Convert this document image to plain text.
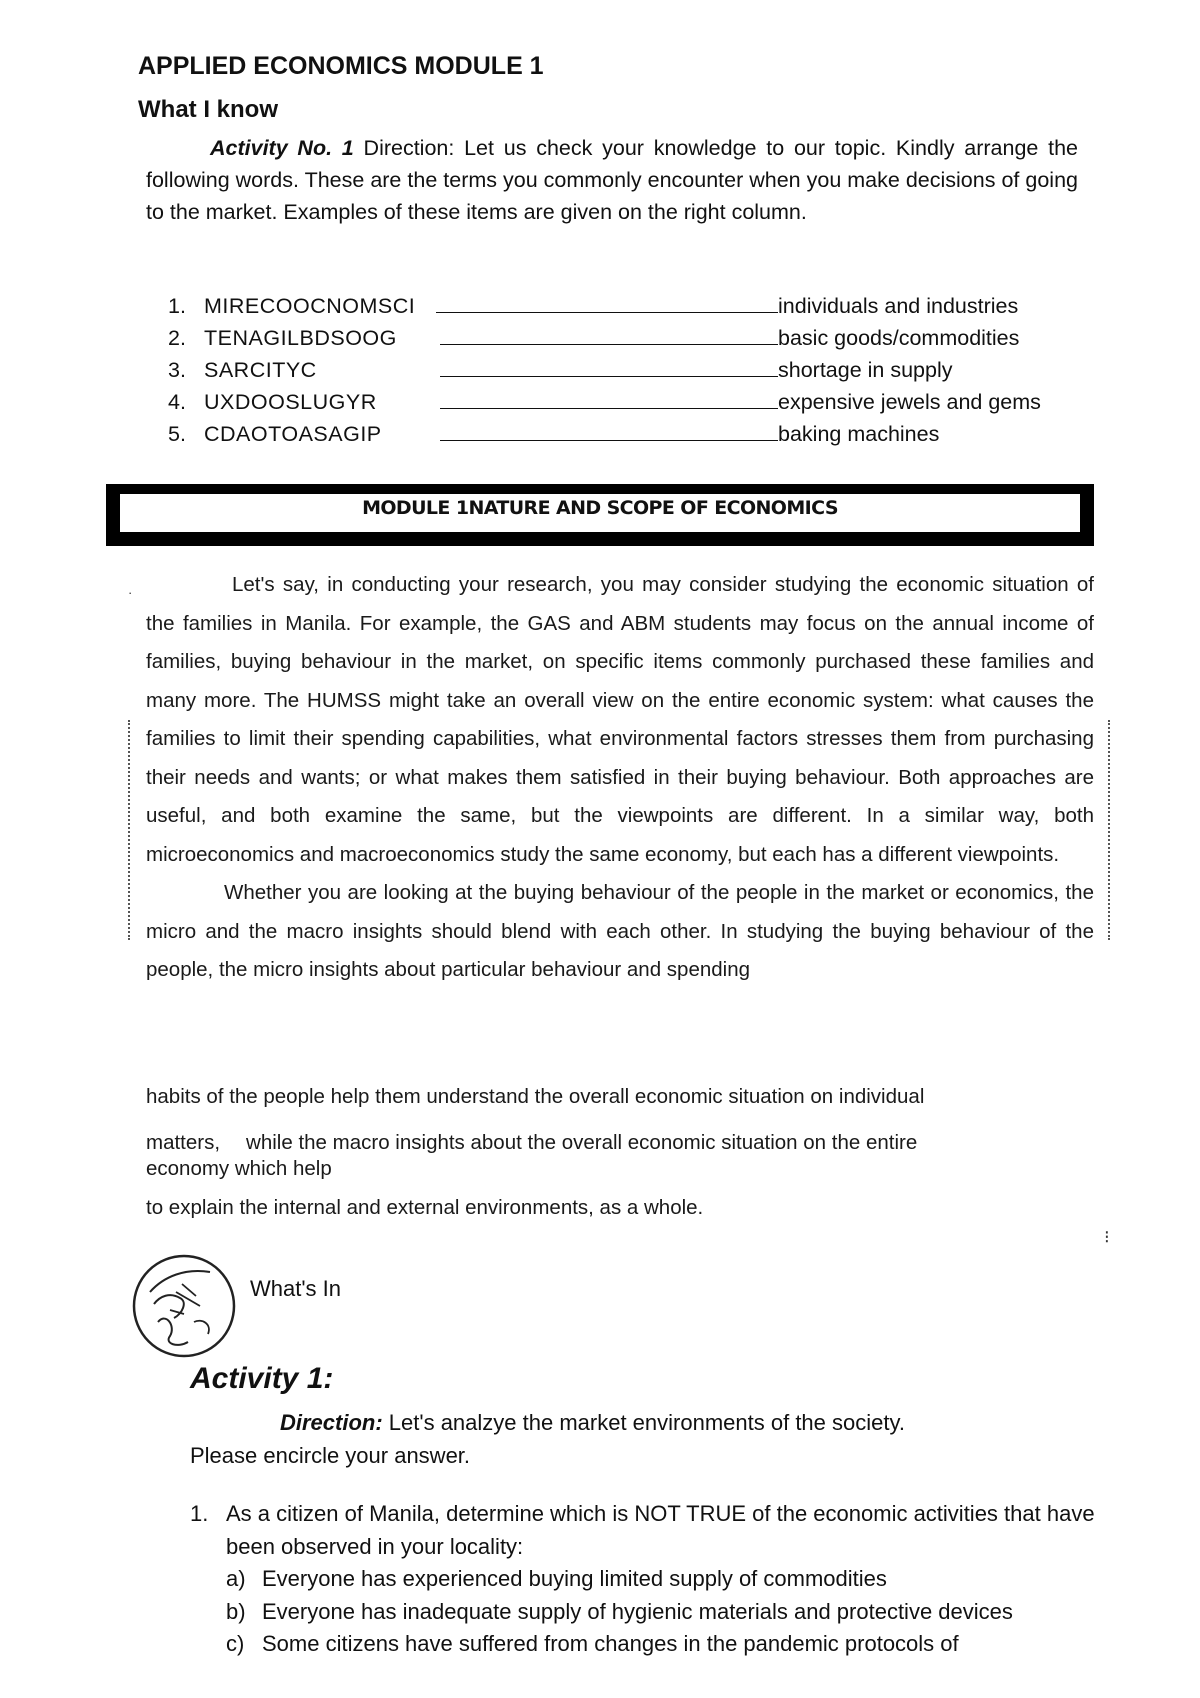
APPLIED ECONOMICS MODULE 1
What I know
Activity No. 1 Direction: Let us check your knowledge to our topic. Kindly arrange the following words. These are the terms you commonly encounter when you make decisions of going to the market. Examples of these items are given on the right column.
1. MIRECOOCNOMSCI	individuals and industries
2. TENAGILBDSOOG	basic goods/commodities
3. SARCITYC	shortage in supply
4. UXDOOSLUGYR	expensive jewels and gems
5. CDAOTOASAGIP	baking machines
MODULE 1NATURE AND SCOPE OF ECONOMICS
·	Let's say, in conducting your research, you may consider studying the economic situation of the families in Manila. For example, the GAS and ABM students may focus on the annual income of families, buying behaviour in the market, on specific items commonly purchased these families and many more. The HUMSS might take an overall view on the entire economic system: what causes the families to limit their spending capabilities, what environmental factors stresses them from purchasing their needs and wants; or what makes them satisfied in their buying behaviour. Both approaches are useful, and both examine the same, but the viewpoints are different. In a similar way, both microeconomics and macroeconomics study the same economy, but each has a different viewpoints.

Whether you are looking at the buying behaviour of the people in the market or economics, the micro and the macro insights should blend with each other. In studying the buying behaviour of the people, the micro insights about particular behaviour and spending

habits of the people help them understand the overall economic situation on individual

matters, while the macro insights about the overall economic situation on the entire

economy which help

to explain the internal and external environments, as a whole.

⁝
What's In
Activity 1:
Direction: Let's analzye the market environments of the society.
Please encircle your answer.
1. As a citizen of Manila, determine which is NOT TRUE of the economic activities that have been observed in your locality:
a) Everyone has experienced buying limited supply of commodities
b) Everyone has inadequate supply of hygienic materials and protective devices
c) Some citizens have suffered from changes in the pandemic protocols of
